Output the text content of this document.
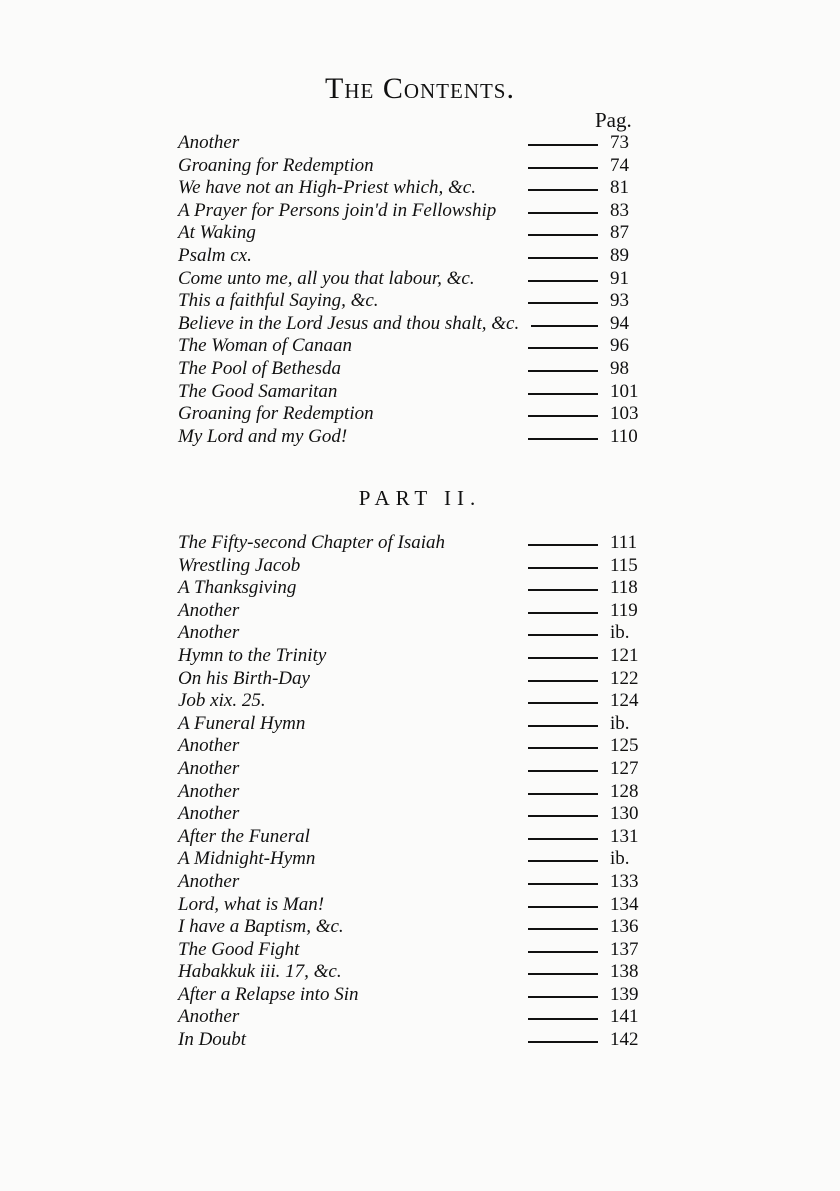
The Contents.
Pag.
Another	73
Groaning for Redemption	74
We have not an High-Priest which, &c.	81
A Prayer for Persons join'd in Fellowship	83
At Waking	87
Psalm cx.	89
Come unto me, all you that labour, &c.	91
This a faithful Saying, &c.	93
Believe in the Lord Jesus and thou shalt, &c.	94
The Woman of Canaan	96
The Pool of Bethesda	98
The Good Samaritan	101
Groaning for Redemption	103
My Lord and my God!	110
PART II.
The Fifty-second Chapter of Isaiah	111
Wrestling Jacob	115
A Thanksgiving	118
Another	119
Another	ib.
Hymn to the Trinity	121
On his Birth-Day	122
Job xix. 25.	124
A Funeral Hymn	ib.
Another	125
Another	127
Another	128
Another	130
After the Funeral	131
A Midnight-Hymn	ib.
Another	133
Lord, what is Man!	134
I have a Baptism, &c.	136
The Good Fight	137
Habakkuk iii. 17, &c.	138
After a Relapse into Sin	139
Another	141
In Doubt	142
